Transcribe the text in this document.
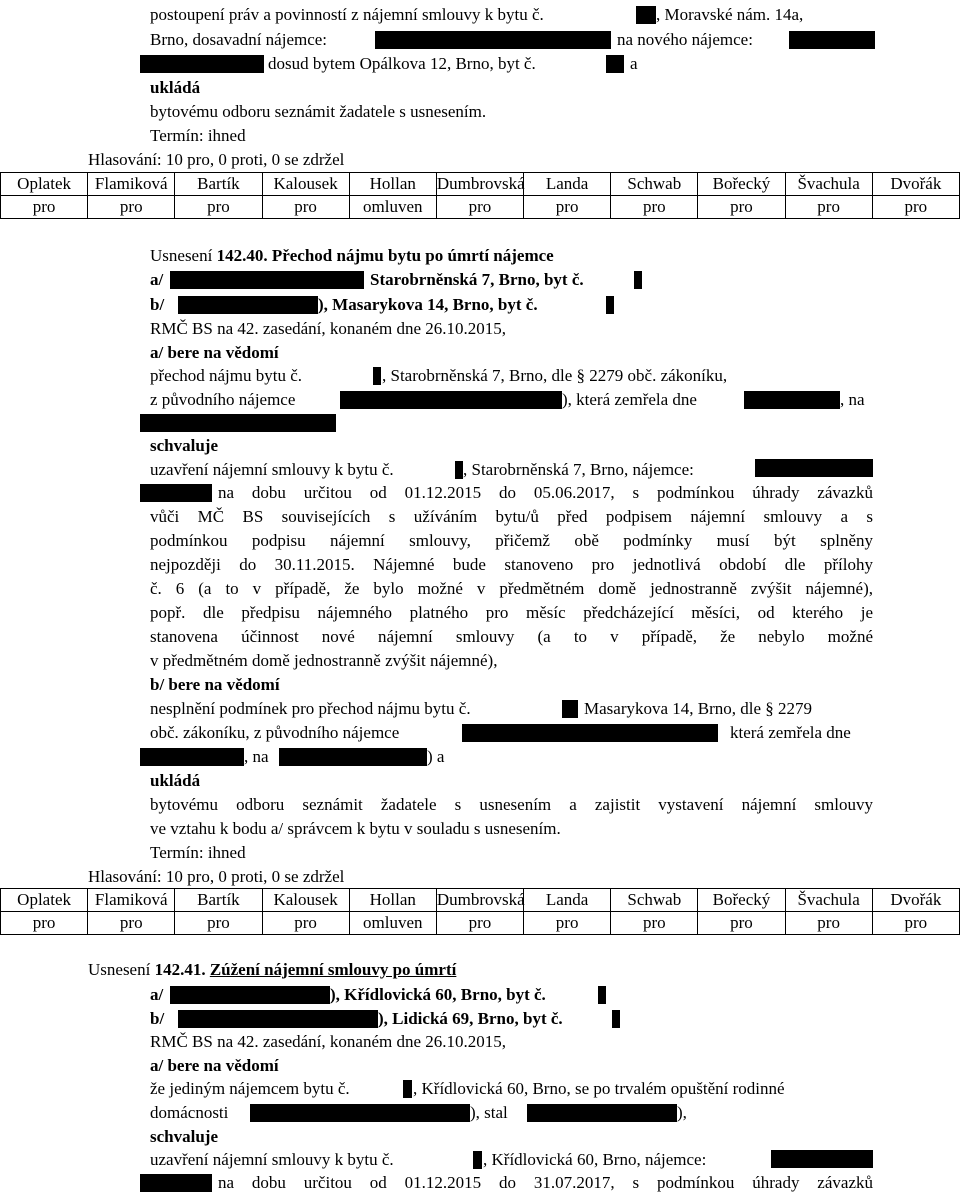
postoupení práv a povinností z nájemní smlouvy k bytu č.	, Moravské nám. 14a,
Brno, dosavadní nájemce:	na nového nájemce:
dosud bytem Opálkova 12, Brno, byt č.	a
ukládá
bytovému odboru seznámit žadatele s usnesením.
Termín: ihned
Hlasování: 10 pro, 0 proti, 0 se zdržel
Oplatek	Flamiková	Bartík	Kalousek	Hollan	Dumbrovská	Landa	Schwab	Bořecký	Švachula	Dvořák
pro	pro	pro	pro	omluven	pro	pro	pro	pro	pro	pro
Usnesení 142.40. Přechod nájmu bytu po úmrtí nájemce
a/	Starobrněnská 7, Brno, byt č.
b/	), Masarykova 14, Brno, byt č.
RMČ BS na 42. zasedání, konaném dne 26.10.2015,
a/ bere na vědomí
přechod nájmu bytu č.	, Starobrněnská 7, Brno, dle § 2279 obč. zákoníku,
z původního nájemce	), která zemřela dne	, na
schvaluje
uzavření nájemní smlouvy k bytu č.	, Starobrněnská 7, Brno, nájemce:
na dobu určitou od 01.12.2015 do 05.06.2017, s podmínkou úhrady závazků
vůči MČ BS souvisejících s užíváním bytu/ů před podpisem nájemní smlouvy a s
podmínkou podpisu nájemní smlouvy, přičemž obě podmínky musí být splněny
nejpozději do 30.11.2015. Nájemné bude stanoveno pro jednotlivá období dle přílohy
č. 6 (a to v případě, že bylo možné v předmětném domě jednostranně zvýšit nájemné),
popř. dle předpisu nájemného platného pro měsíc předcházející měsíci, od kterého je
stanovena účinnost nové nájemní smlouvy (a to v případě, že nebylo možné
v předmětném domě jednostranně zvýšit nájemné),
b/ bere na vědomí
nesplnění podmínek pro přechod nájmu bytu č.	Masarykova 14, Brno, dle § 2279
obč. zákoníku, z původního nájemce	která zemřela dne
, na	) a
ukládá
bytovému odboru seznámit žadatele s usnesením a zajistit vystavení nájemní smlouvy
ve vztahu k bodu a/ správcem k bytu v souladu s usnesením.
Termín: ihned
Hlasování: 10 pro, 0 proti, 0 se zdržel
Oplatek	Flamiková	Bartík	Kalousek	Hollan	Dumbrovská	Landa	Schwab	Bořecký	Švachula	Dvořák
pro	pro	pro	pro	omluven	pro	pro	pro	pro	pro	pro
Usnesení 142.41. Zúžení nájemní smlouvy po úmrtí
a/	), Křídlovická 60, Brno, byt č.
b/	), Lidická 69, Brno, byt č.
RMČ BS na 42. zasedání, konaném dne 26.10.2015,
a/ bere na vědomí
že jediným nájemcem bytu č.	, Křídlovická 60, Brno, se po trvalém opuštění rodinné
domácnosti	), stal	),
schvaluje
uzavření nájemní smlouvy k bytu č.	, Křídlovická 60, Brno, nájemce:
na dobu určitou od 01.12.2015 do 31.07.2017, s podmínkou úhrady závazků
